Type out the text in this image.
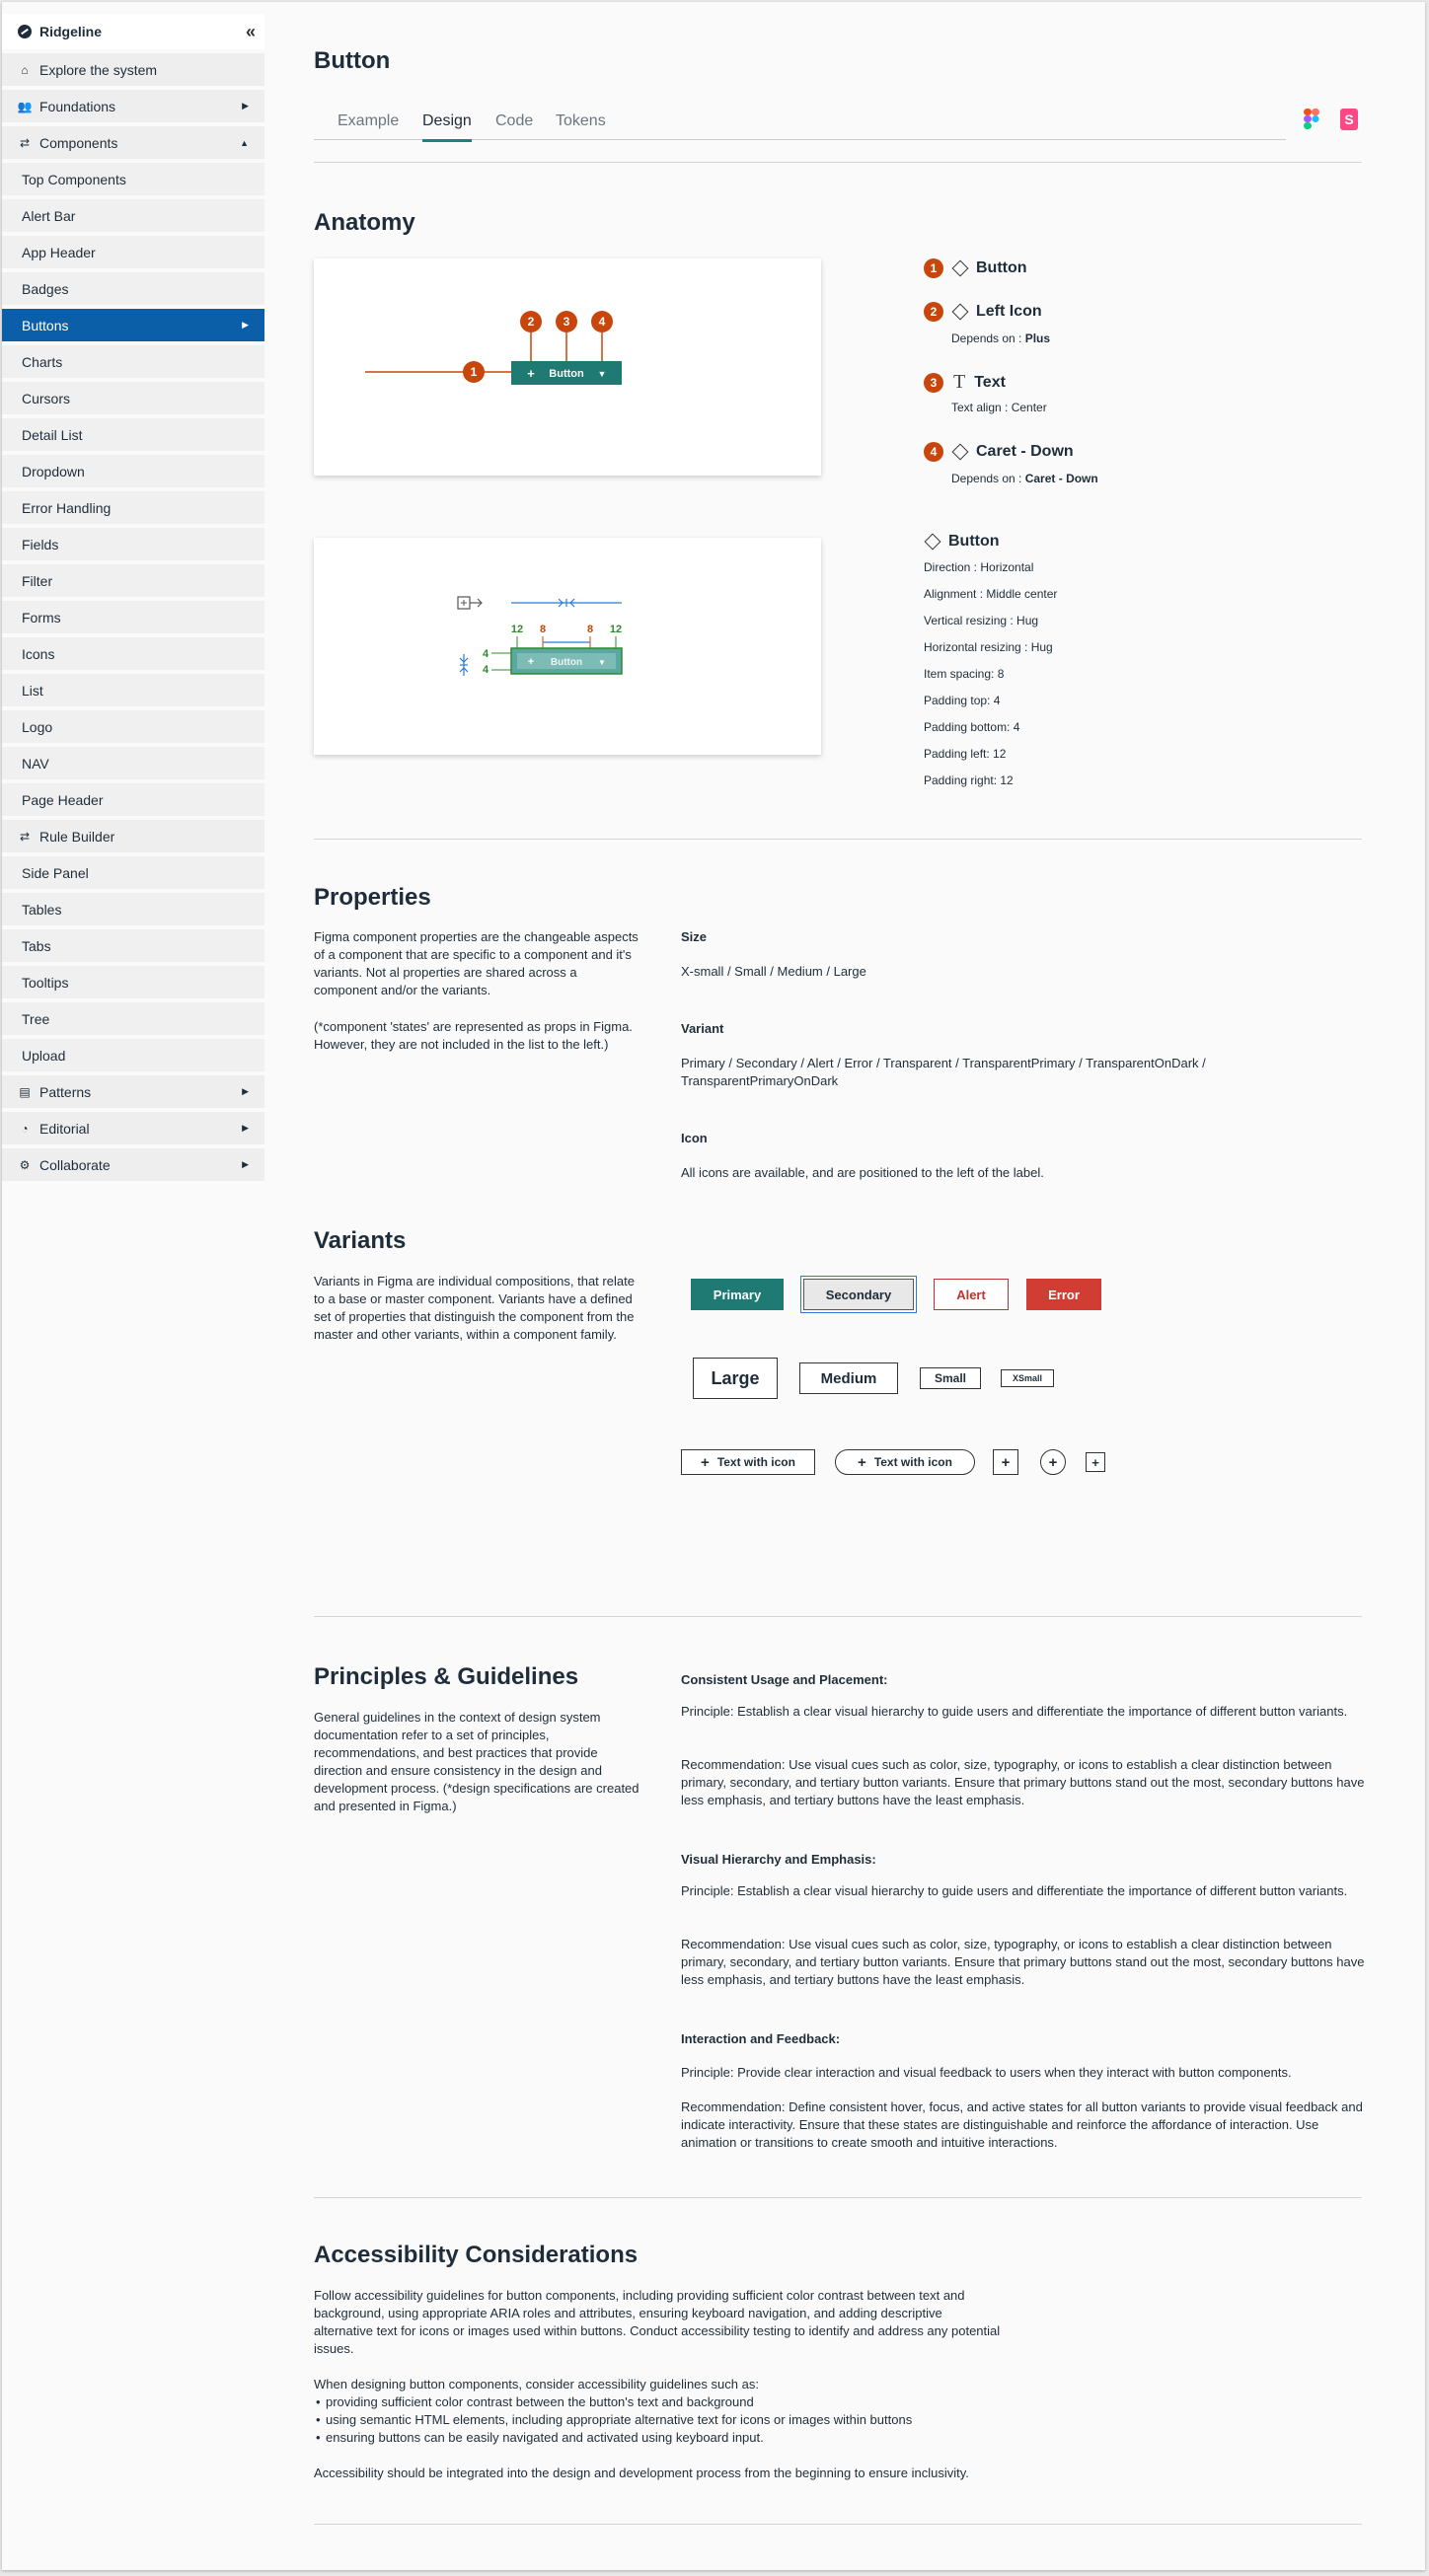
Ridgeline	«
⌂ Explore the system
👥 Foundations	▶
⇄ Components	▲
Top Components
Alert Bar
App Header
Badges
Buttons	▶
Charts
Cursors
Detail List
Dropdown
Error Handling
Fields
Filter
Forms
Icons
List
Logo
NAV
Page Header
⇄ Rule Builder
Side Panel
Tables
Tabs
Tooltips
Tree
Upload
▤ Patterns	▶
◔ Editorial	▶
⚙ Collaborate	▶
Button
Example Design Code Tokens	S
Anatomy
+ Button ▼
1
2 3 4
1	Button
2	Left Icon
Depends on : Plus
3 T Text
Text align : Center
4	Caret - Down
Depends on : Caret - Down
12	12
4
4
8	8
+ Button ▼
Button
Direction : Horizontal
Alignment : Middle center
Vertical resizing : Hug
Horizontal resizing : Hug
Item spacing: 8
Padding top: 4
Padding bottom: 4
Padding left: 12
Padding right: 12
Properties

Figma component properties are the changeable aspects of a component that are specific to a component and it's variants. Not al properties are shared across a component and/or the variants.

(*component 'states' are represented as props in Figma. However, they are not included in the list to the left.)

Size
X-small / Small / Medium / Large
Variant
Primary / Secondary / Alert / Error / Transparent / TransparentPrimary / TransparentOnDark / TransparentPrimaryOnDark
Icon
All icons are available, and are positioned to the left of the label.
Variants

Variants in Figma are individual compositions, that relate to a base or master component. Variants have a defined set of properties that distinguish the component from the master and other variants, within a component family.

Primary	Secondary	Alert	Error
Large	Medium	Small	XSmall
+ Text with icon	+ Text with icon	+	+	+
Principles & Guidelines

General guidelines in the context of design system documentation refer to a set of principles, recommendations, and best practices that provide direction and ensure consistency in the design and development process. (*design specifications are created and presented in Figma.)

Consistent Usage and Placement:

Principle: Establish a clear visual hierarchy to guide users and differentiate the importance of different button variants.

Recommendation: Use visual cues such as color, size, typography, or icons to establish a clear distinction between primary, secondary, and tertiary button variants. Ensure that primary buttons stand out the most, secondary buttons have less emphasis, and tertiary buttons have the least emphasis.

Visual Hierarchy and Emphasis:

Principle: Establish a clear visual hierarchy to guide users and differentiate the importance of different button variants.

Recommendation: Use visual cues such as color, size, typography, or icons to establish a clear distinction between primary, secondary, and tertiary button variants. Ensure that primary buttons stand out the most, secondary buttons have less emphasis, and tertiary buttons have the least emphasis.

Interaction and Feedback:

Principle: Provide clear interaction and visual feedback to users when they interact with button components.

Recommendation: Define consistent hover, focus, and active states for all button variants to provide visual feedback and indicate interactivity. Ensure that these states are distinguishable and reinforce the affordance of interaction. Use animation or transitions to create smooth and intuitive interactions.

Accessibility Considerations

Follow accessibility guidelines for button components, including providing sufficient color contrast between text and background, using appropriate ARIA roles and attributes, ensuring keyboard navigation, and adding descriptive alternative text for icons or images used within buttons. Conduct accessibility testing to identify and address any potential issues.

When designing button components, consider accessibility guidelines such as:

• providing sufficient color contrast between the button's text and background
• using semantic HTML elements, including appropriate alternative text for icons or images within buttons
• ensuring buttons can be easily navigated and activated using keyboard input.

Accessibility should be integrated into the design and development process from the beginning to ensure inclusivity.
